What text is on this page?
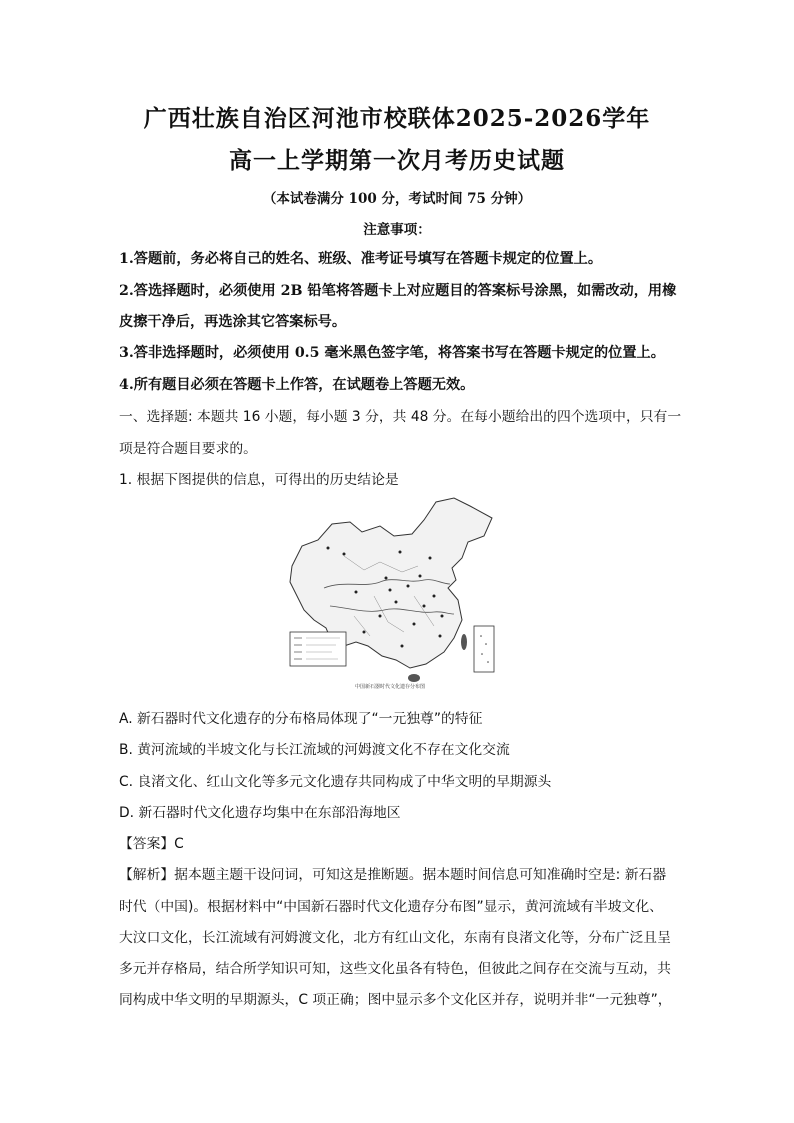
广西壮族自治区河池市校联体2025-2026学年
高一上学期第一次月考历史试题
（本试卷满分 100 分，考试时间 75 分钟）
注意事项：
1.答题前，务必将自己的姓名、班级、准考证号填写在答题卡规定的位置上。
2.答选择题时，必须使用 2B 铅笔将答题卡上对应题目的答案标号涂黑，如需改动，用橡
皮擦干净后，再选涂其它答案标号。
3.答非选择题时，必须使用 0.5 毫米黑色签字笔，将答案书写在答题卡规定的位置上。
4.所有题目必须在答题卡上作答，在试题卷上答题无效。
一、选择题: 本题共 16 小题，每小题 3 分，共 48 分。在每小题给出的四个选项中，只有一
项是符合题目要求的。
1. 根据下图提供的信息，可得出的历史结论是
中国新石器时代文化遗存分布图
A. 新石器时代文化遗存的分布格局体现了“一元独尊”的特征
B. 黄河流域的半坡文化与长江流域的河姆渡文化不存在文化交流
C. 良渚文化、红山文化等多元文化遗存共同构成了中华文明的早期源头
D. 新石器时代文化遗存均集中在东部沿海地区
【答案】C
【解析】据本题主题干设问词，可知这是推断题。据本题时间信息可知准确时空是: 新石器
时代（中国)。根据材料中“中国新石器时代文化遗存分布图”显示，黄河流域有半坡文化、
大汶口文化，长江流域有河姆渡文化，北方有红山文化，东南有良渚文化等，分布广泛且呈
多元并存格局，结合所学知识可知，这些文化虽各有特色，但彼此之间存在交流与互动，共
同构成中华文明的早期源头，C 项正确；图中显示多个文化区并存，说明并非“一元独尊”，
